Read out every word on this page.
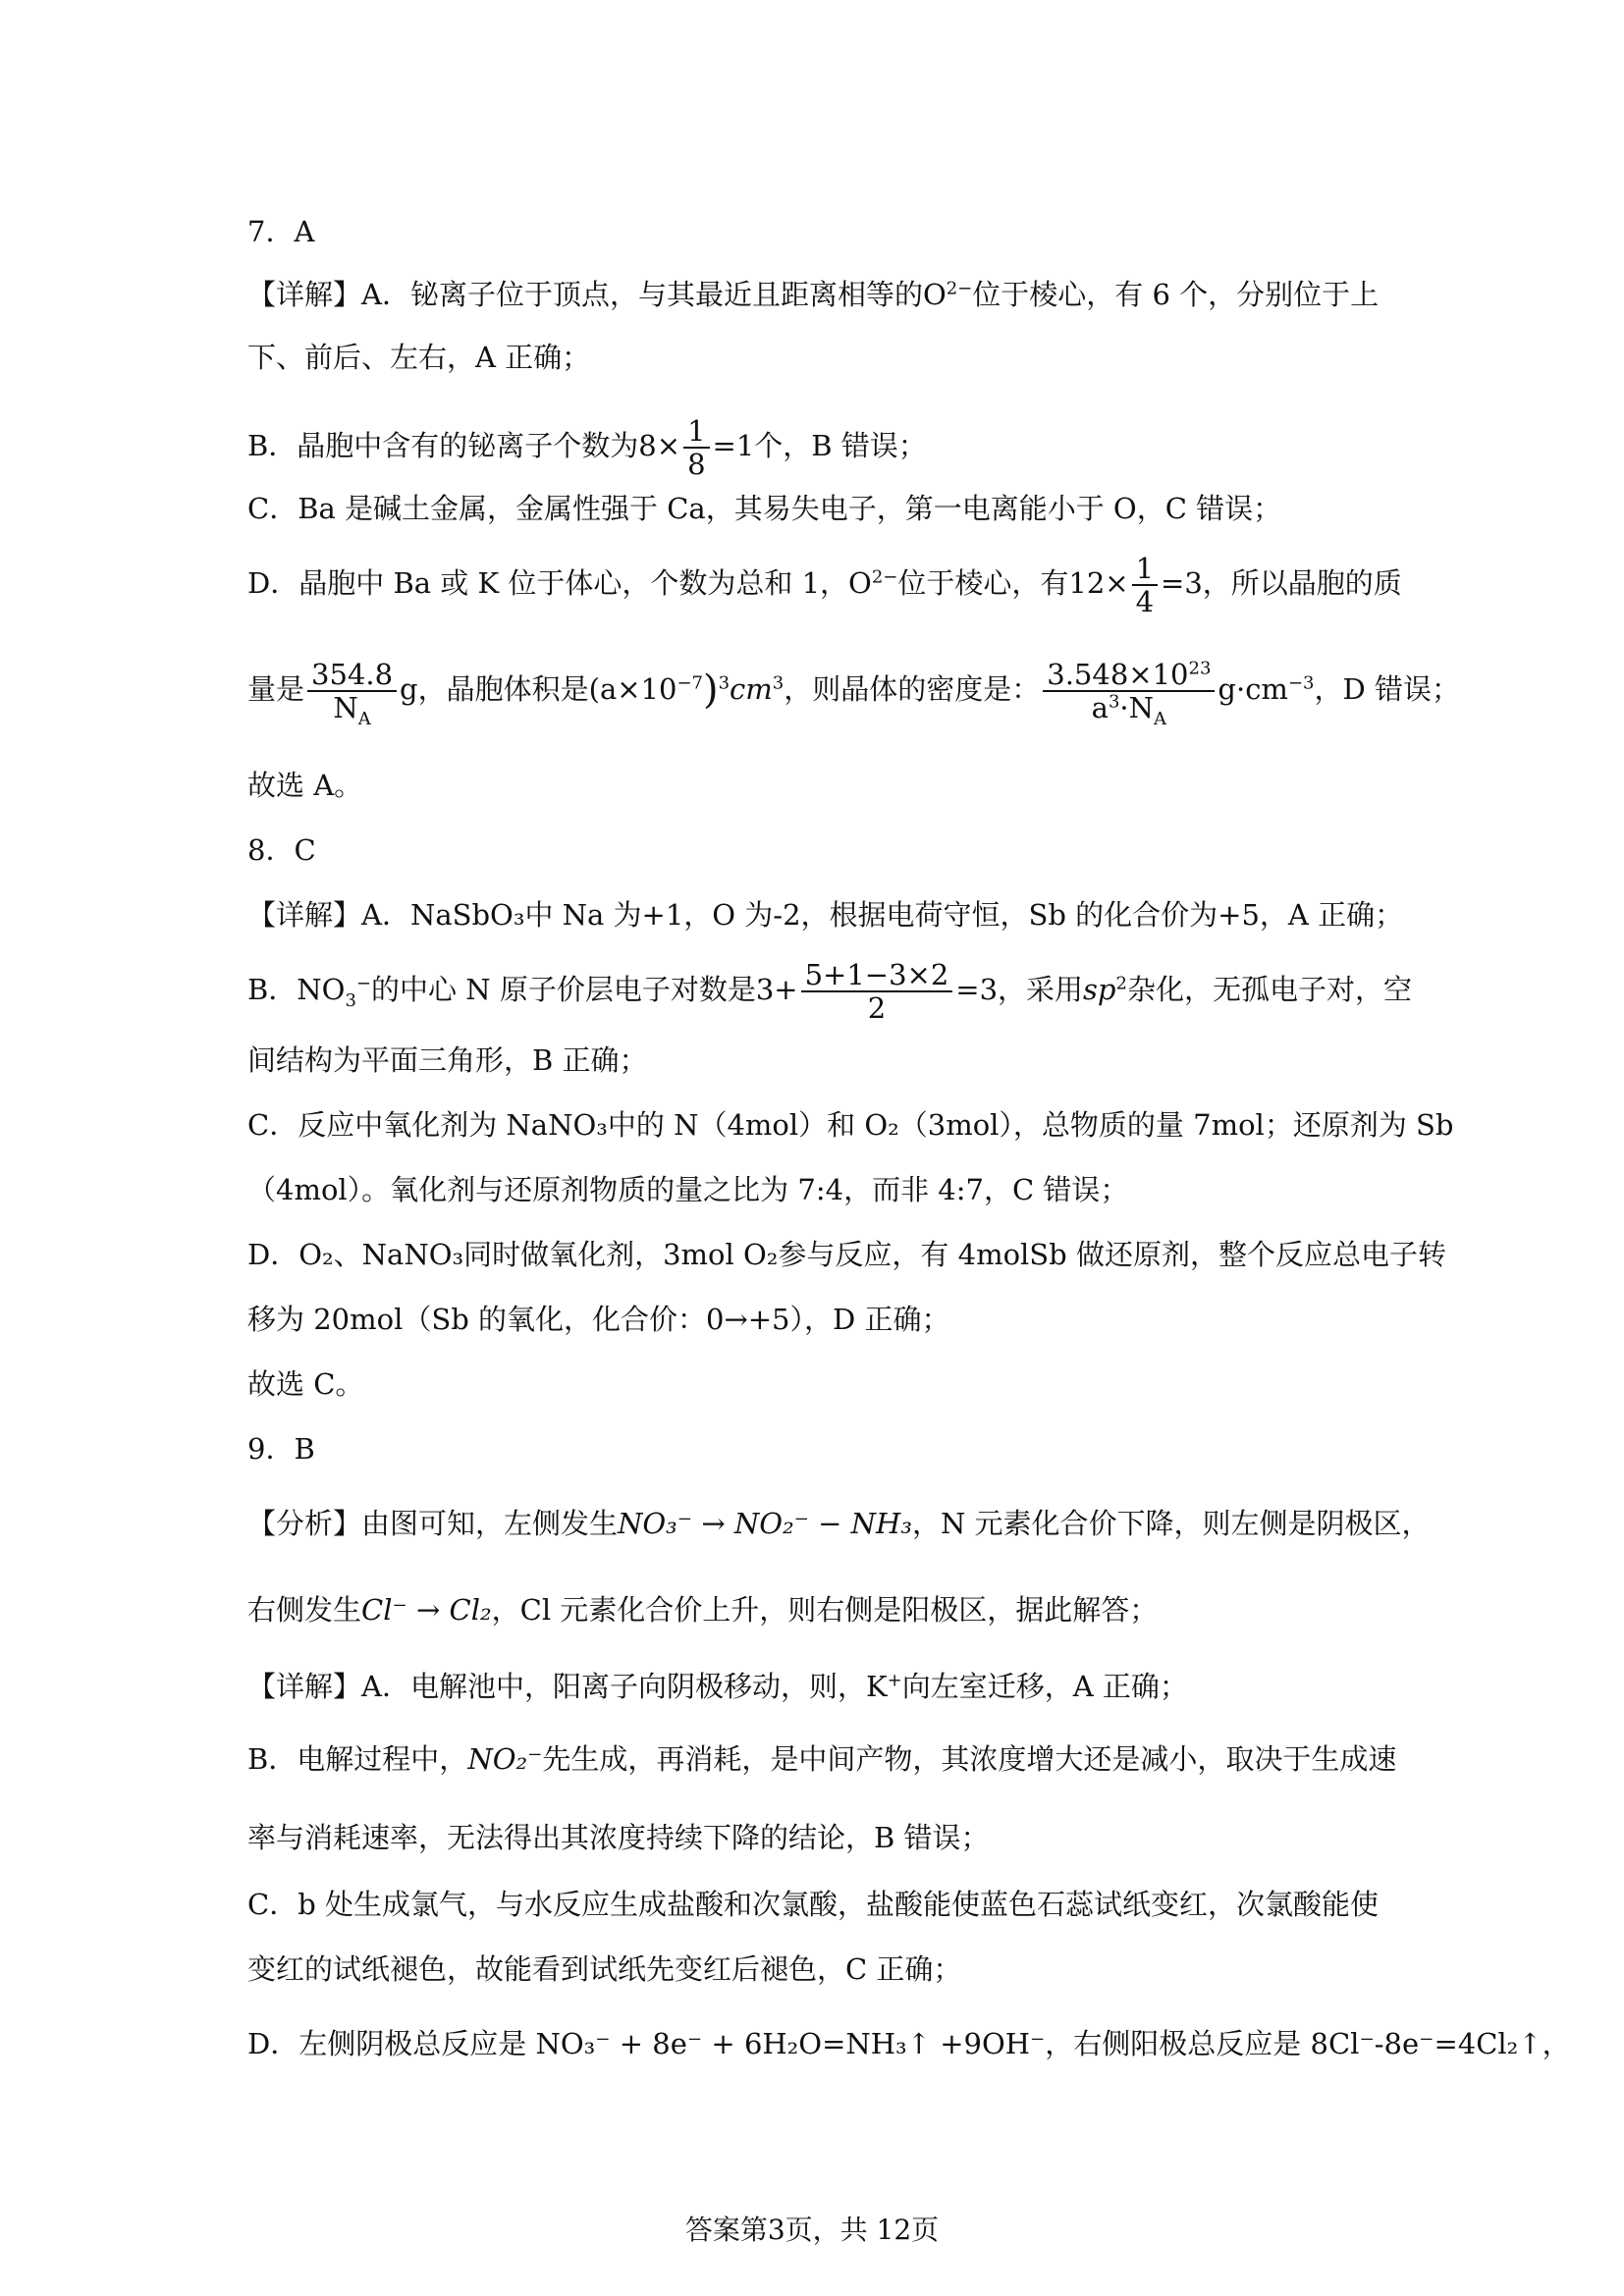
7．A
【详解】A．铋离子位于顶点，与其最近且距离相等的$O^{2-}$位于棱心，有 6 个，分别位于上
下、前后、左右，A 正确；
B．晶胞中含有的铋离子个数为$8\times \frac{1}{8} =1$个，B 错误；
C．Ba 是碱土金属，金属性强于 Ca，其易失电子，第一电离能小于 O，C 错误；
D．晶胞中 Ba 或 K 位于体心，个数为总和 1，$O^{2-}$位于棱心，有$12\times \frac{1}{4} =3$，所以晶胞的质
量是 $\frac{354.8}{N_A}$ g，晶胞体积是$(a\times 10^{-7})^3cm^3$，则晶体的密度是： $\frac{3.548\times 10^{23}}{a^3\cdot N_A} g\cdot cm^{-3}$，D 错误；
故选 A。
8．C
【详解】A．NaSbO₃中 Na 为+1，O 为-2，根据电荷守恒，Sb 的化合价为+5，A 正确；
B．$NO_3^-$的中心 N 原子价层电子对数是$3+ \frac{5+1-3\times 2}{2} =3$，采用$sp^2$杂化，无孤电子对，空
间结构为平面三角形，B 正确；
C．反应中氧化剂为 NaNO₃中的 N（4mol）和 O₂（3mol），总物质的量 7mol；还原剂为 Sb
（4mol）。氧化剂与还原剂物质的量之比为 7:4，而非 4:7，C 错误；
D．O₂、NaNO₃同时做氧化剂，3mol O₂参与反应，有 4molSb 做还原剂，整个反应总电子转
移为 20mol（Sb 的氧化，化合价：0→+5），D 正确；
故选 C。
9．B
【分析】由图可知，左侧发生NO₃⁻ → NO₂⁻ − NH₃，N 元素化合价下降，则左侧是阴极区，
右侧发生Cl⁻ → Cl₂，Cl 元素化合价上升，则右侧是阳极区，据此解答；
【详解】A．电解池中，阳离子向阴极移动，则，K+向左室迁移，A 正确；
B．电解过程中，NO₂⁻先生成，再消耗，是中间产物，其浓度增大还是减小，取决于生成速
率与消耗速率，无法得出其浓度持续下降的结论，B 错误；
C．b 处生成氯气，与水反应生成盐酸和次氯酸，盐酸能使蓝色石蕊试纸变红，次氯酸能使
变红的试纸褪色，故能看到试纸先变红后褪色，C 正确；
D．左侧阴极总反应是 NO₃⁻ + 8e⁻ + 6H₂O=NH₃↑ +9OH⁻，右侧阳极总反应是 8Cl⁻-8e⁻=4Cl₂↑，
答案第3页，共 12页
